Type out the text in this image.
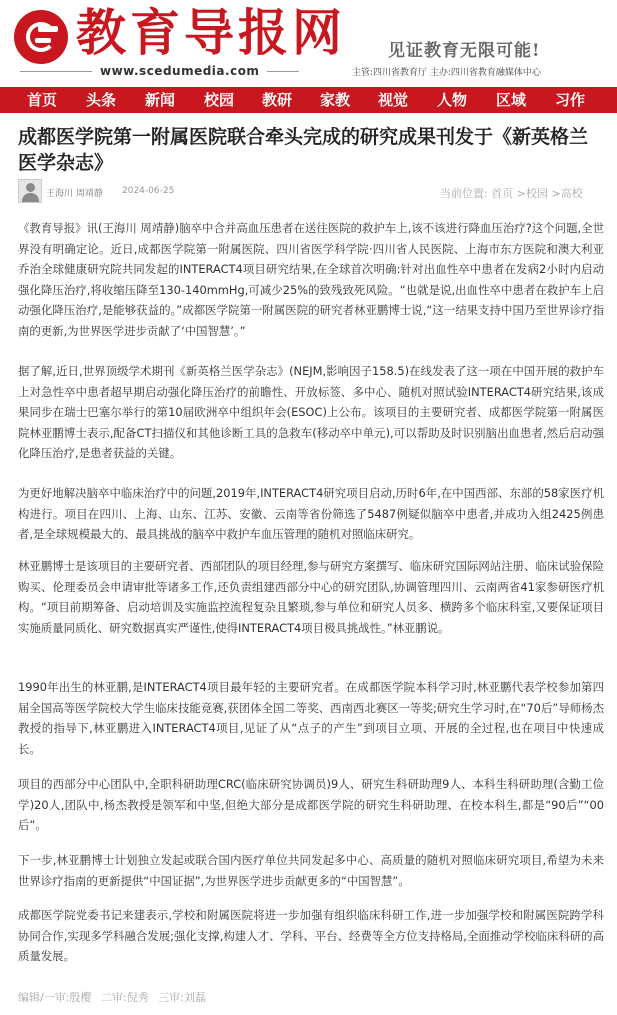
教育导报网
www.scedumedia.com
见证教育无限可能!
主管:四川省教育厅 主办:四川省教育融媒体中心
首页 头条 新闻 校园 教研 家教 视觉 人物 区域 习作
成都医学院第一附属医院联合牵头完成的研究成果刊发于《新英格兰医学杂志》
王海川 周靖静 2024-06-25	当前位置: 首页 >校园 >高校

《教育导报》讯(王海川 周靖静)脑卒中合并高血压患者在送往医院的救护车上,该不该进行降血压治疗?这个问题,全世界没有明确定论。近日,成都医学院第一附属医院、四川省医学科学院·四川省人民医院、上海市东方医院和澳大利亚乔治全球健康研究院共同发起的INTERACT4项目研究结果,在全球首次明确:针对出血性卒中患者在发病2小时内启动强化降压治疗,将收缩压降至130-140mmHg,可减少25%的致残致死风险。“也就是说,出血性卒中患者在救护车上启动强化降压治疗,是能够获益的。”成都医学院第一附属医院的研究者林亚鹏博士说,“这一结果支持中国乃至世界诊疗指南的更新,为世界医学进步贡献了‘中国智慧’。”

据了解,近日,世界顶级学术期刊《新英格兰医学杂志》(NEJM,影响因子158.5)在线发表了这一项在中国开展的救护车上对急性卒中患者超早期启动强化降压治疗的前瞻性、开放标签、多中心、随机对照试验INTERACT4研究结果,该成果同步在瑞士巴塞尔举行的第10届欧洲卒中组织年会(ESOC)上公布。该项目的主要研究者、成都医学院第一附属医院林亚鹏博士表示,配备CT扫描仪和其他诊断工具的急救车(移动卒中单元),可以帮助及时识别脑出血患者,然后启动强化降压治疗,是患者获益的关键。

为更好地解决脑卒中临床治疗中的问题,2019年,INTERACT4研究项目启动,历时6年,在中国西部、东部的58家医疗机构进行。项目在四川、上海、山东、江苏、安徽、云南等省份筛选了5487例疑似脑卒中患者,并成功入组2425例患者,是全球规模最大的、最具挑战的脑卒中救护车血压管理的随机对照临床研究。

林亚鹏博士是该项目的主要研究者、西部团队的项目经理,参与研究方案撰写、临床研究国际网站注册、临床试验保险购买、伦理委员会申请审批等诸多工作,还负责组建西部分中心的研究团队,协调管理四川、云南两省41家参研医疗机构。“项目前期筹备、启动培训及实施监控流程复杂且繁琐,参与单位和研究人员多、横跨多个临床科室,又要保证项目实施质量同质化、研究数据真实严谨性,使得INTERACT4项目极具挑战性。”林亚鹏说。

1990年出生的林亚鹏,是INTERACT4项目最年轻的主要研究者。在成都医学院本科学习时,林亚鹏代表学校参加第四届全国高等医学院校大学生临床技能竞赛,获团体全国二等奖、西南西北赛区一等奖;研究生学习时,在“70后”导师杨杰教授的指导下,林亚鹏进入INTERACT4项目,见证了从“点子的产生”到项目立项、开展的全过程,也在项目中快速成长。

项目的西部分中心团队中,全职科研助理CRC(临床研究协调员)9人、研究生科研助理9人、本科生科研助理(含勤工俭学)20人,团队中,杨杰教授是领军和中坚,但绝大部分是成都医学院的研究生科研助理、在校本科生,都是“90后”“00后”。

下一步,林亚鹏博士计划独立发起或联合国内医疗单位共同发起多中心、高质量的随机对照临床研究项目,希望为未来世界诊疗指南的更新提供“中国证据”,为世界医学进步贡献更多的“中国智慧”。

成都医学院党委书记来建表示,学校和附属医院将进一步加强有组织临床科研工作,进一步加强学校和附属医院跨学科协同合作,实现多学科融合发展;强化支撑,构建人才、学科、平台、经费等全方位支持格局,全面推动学校临床科研的高质量发展。

编辑/一审:殷樱 二审:倪秀 三审:刘磊
